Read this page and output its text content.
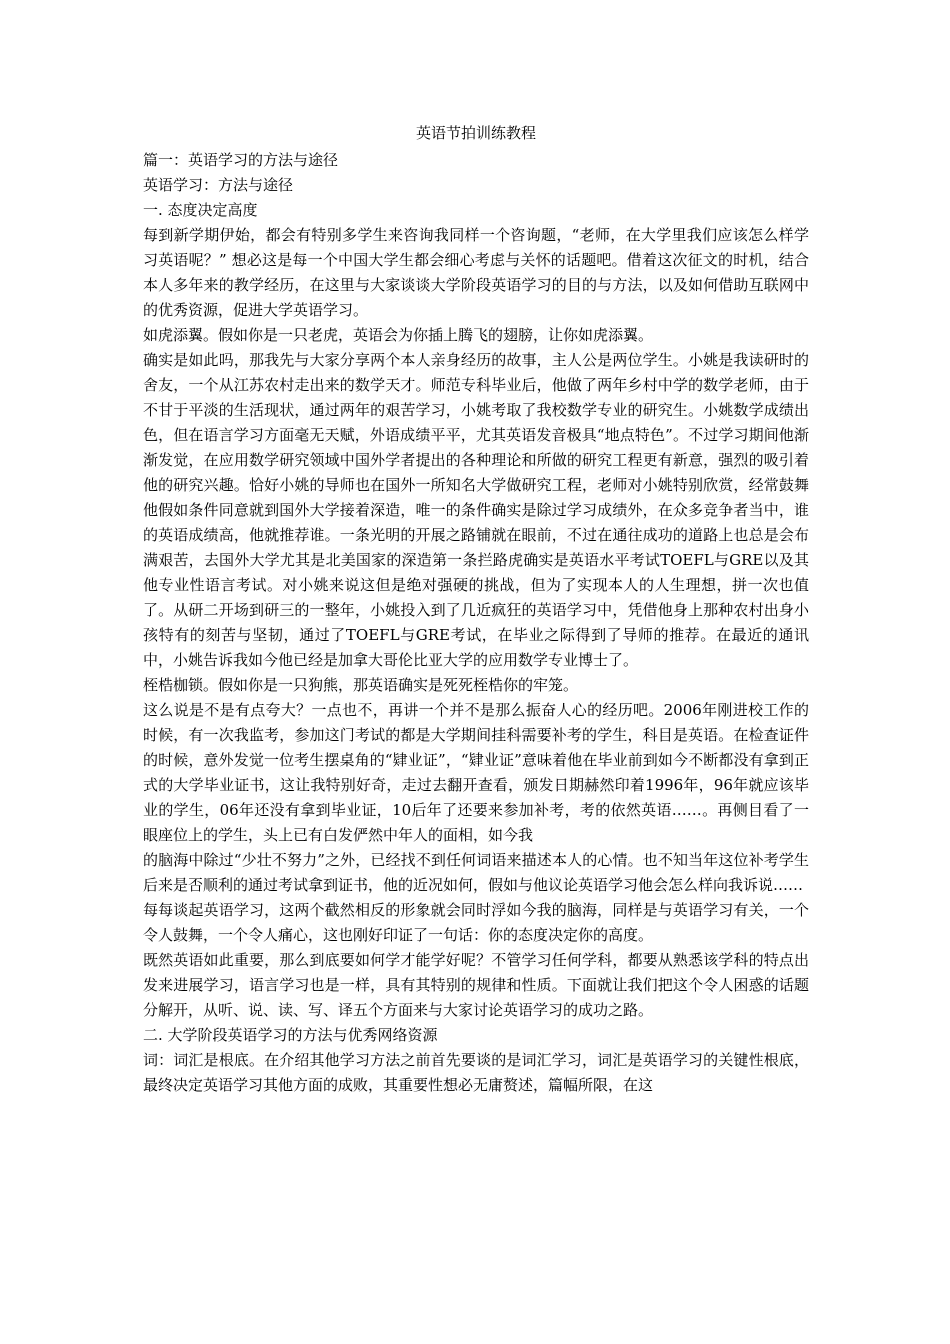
英语节拍训练教程

篇一：英语学习的方法与途径

英语学习：方法与途径

一. 态度决定高度

每到新学期伊始，都会有特别多学生来咨询我同样一个咨询题，“老师，在大学里我们应该怎么样学习英语呢？” 想必这是每一个中国大学生都会细心考虑与关怀的话题吧。借着这次征文的时机，结合本人多年来的教学经历，在这里与大家谈谈大学阶段英语学习的目的与方法，以及如何借助互联网中的优秀资源，促进大学英语学习。

如虎添翼。假如你是一只老虎，英语会为你插上腾飞的翅膀，让你如虎添翼。

确实是如此吗，那我先与大家分享两个本人亲身经历的故事，主人公是两位学生。小姚是我读研时的舍友，一个从江苏农村走出来的数学天才。师范专科毕业后，他做了两年乡村中学的数学老师，由于不甘于平淡的生活现状，通过两年的艰苦学习，小姚考取了我校数学专业的研究生。小姚数学成绩出色，但在语言学习方面毫无天赋，外语成绩平平，尤其英语发音极具“地点特色”。不过学习期间他渐渐发觉，在应用数学研究领域中国外学者提出的各种理论和所做的研究工程更有新意，强烈的吸引着他的研究兴趣。恰好小姚的导师也在国外一所知名大学做研究工程，老师对小姚特别欣赏，经常鼓舞他假如条件同意就到国外大学接着深造，唯一的条件确实是除过学习成绩外，在众多竞争者当中，谁的英语成绩高，他就推荐谁。一条光明的开展之路铺就在眼前，不过在通往成功的道路上也总是会布满艰苦，去国外大学尤其是北美国家的深造第一条拦路虎确实是英语水平考试TOEFL与GRE以及其他专业性语言考试。对小姚来说这但是绝对强硬的挑战，但为了实现本人的人生理想，拼一次也值了。从研二开场到研三的一整年，小姚投入到了几近疯狂的英语学习中，凭借他身上那种农村出身小孩特有的刻苦与坚韧，通过了TOEFL与GRE考试，在毕业之际得到了导师的推荐。在最近的通讯中，小姚告诉我如今他已经是加拿大哥伦比亚大学的应用数学专业博士了。

桎梏枷锁。假如你是一只狗熊，那英语确实是死死桎梏你的牢笼。

这么说是不是有点夸大？一点也不，再讲一个并不是那么振奋人心的经历吧。2006年刚进校工作的时候，有一次我监考，参加这门考试的都是大学期间挂科需要补考的学生，科目是英语。在检查证件的时候，意外发觉一位考生摆桌角的“肄业证”，“肄业证”意味着他在毕业前到如今不断都没有拿到正式的大学毕业证书，这让我特别好奇，走过去翻开查看，颁发日期赫然印着1996年，96年就应该毕业的学生，06年还没有拿到毕业证，10后年了还要来参加补考，考的依然英语……。再侧目看了一眼座位上的学生，头上已有白发俨然中年人的面相，如今我

的脑海中除过“少壮不努力”之外，已经找不到任何词语来描述本人的心情。也不知当年这位补考学生后来是否顺利的通过考试拿到证书，他的近况如何，假如与他议论英语学习他会怎么样向我诉说……

每每谈起英语学习，这两个截然相反的形象就会同时浮如今我的脑海，同样是与英语学习有关，一个令人鼓舞，一个令人痛心，这也刚好印证了一句话：你的态度决定你的高度。

既然英语如此重要，那么到底要如何学才能学好呢？不管学习任何学科，都要从熟悉该学科的特点出发来进展学习，语言学习也是一样，具有其特别的规律和性质。下面就让我们把这个令人困惑的话题分解开，从听、说、读、写、译五个方面来与大家讨论英语学习的成功之路。

二. 大学阶段英语学习的方法与优秀网络资源

词：词汇是根底。在介绍其他学习方法之前首先要谈的是词汇学习，词汇是英语学习的关键性根底，最终决定英语学习其他方面的成败，其重要性想必无庸赘述，篇幅所限，在这
